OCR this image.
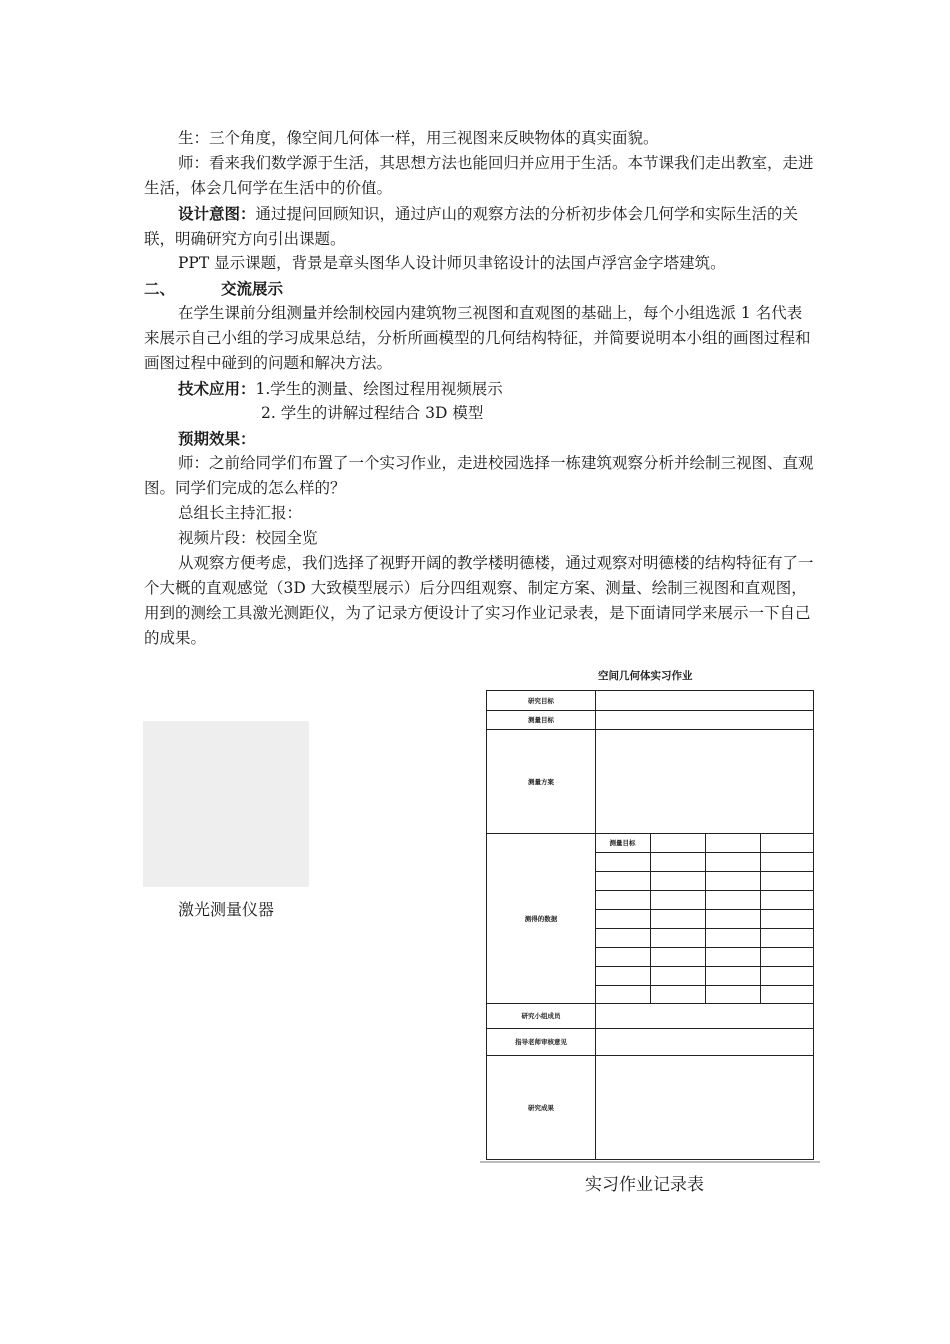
生：三个角度，像空间几何体一样，用三视图来反映物体的真实面貌。

师：看来我们数学源于生活，其思想方法也能回归并应用于生活。本节课我们走出教室，走进生活，体会几何学在生活中的价值。

设计意图：通过提问回顾知识，通过庐山的观察方法的分析初步体会几何学和实际生活的关联，明确研究方向引出课题。

PPT 显示课题，背景是章头图华人设计师贝聿铭设计的法国卢浮宫金字塔建筑。

二、	交流展示

在学生课前分组测量并绘制校园内建筑物三视图和直观图的基础上，每个小组选派 1 名代表来展示自己小组的学习成果总结，分析所画模型的几何结构特征，并简要说明本小组的画图过程和画图过程中碰到的问题和解决方法。

技术应用：1.学生的测量、绘图过程用视频展示
2. 学生的讲解过程结合 3D 模型
预期效果：

师：之前给同学们布置了一个实习作业，走进校园选择一栋建筑观察分析并绘制三视图、直观图。同学们完成的怎么样的？

总组长主持汇报：
视频片段：校园全览

从观察方便考虑，我们选择了视野开阔的教学楼明德楼，通过观察对明德楼的结构特征有了一个大概的直观感觉（3D 大致模型展示）后分四组观察、制定方案、测量、绘制三视图和直观图，用到的测绘工具激光测距仪，为了记录方便设计了实习作业记录表，是下面请同学来展示一下自己的成果。

激光测量仪器
空间几何体实习作业
研究目标
测量目标
测量方案
测得的数据
测量目标
研究小组成员
指导老师审核意见
研究成果
实习作业记录表
